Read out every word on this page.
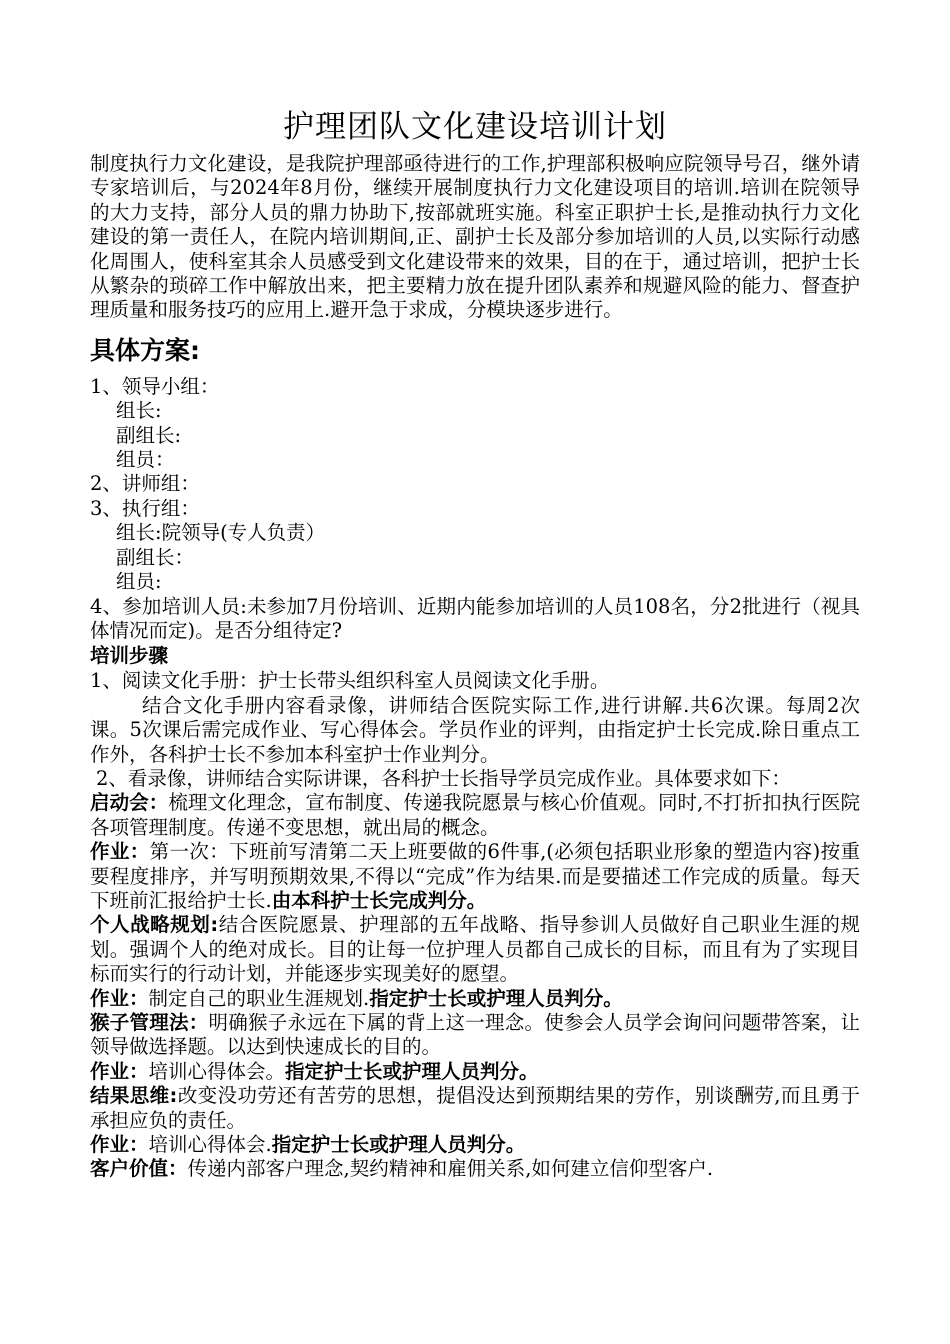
护理团队文化建设培训计划

制度执行力文化建设，是我院护理部亟待进行的工作,护理部积极响应院领导号召，继外请专家培训后，与2024年8月份，继续开展制度执行力文化建设项目的培训.培训在院领导的大力支持，部分人员的鼎力协助下,按部就班实施。科室正职护士长,是推动执行力文化建设的第一责任人，在院内培训期间,正、副护士长及部分参加培训的人员,以实际行动感化周围人，使科室其余人员感受到文化建设带来的效果，目的在于，通过培训，把护士长从繁杂的琐碎工作中解放出来，把主要精力放在提升团队素养和规避风险的能力、督查护理质量和服务技巧的应用上.避开急于求成，分模块逐步进行。

具体方案:

1、领导小组：

组长:

副组长:

组员：

2、讲师组：

3、执行组：

组长:院领导(专人负责）

副组长：

组员:

4、参加培训人员:未参加7月份培训、近期内能参加培训的人员108名，分2批进行（视具体情况而定)。是否分组待定?

培训步骤

1、阅读文化手册：护士长带头组织科室人员阅读文化手册。

结合文化手册内容看录像，讲师结合医院实际工作,进行讲解.共6次课。每周2次课。5次课后需完成作业、写心得体会。学员作业的评判，由指定护士长完成.除日重点工作外，各科护士长不参加本科室护士作业判分。

2、看录像，讲师结合实际讲课，各科护士长指导学员完成作业。具体要求如下：

启动会：梳理文化理念，宣布制度、传递我院愿景与核心价值观。同时,不打折扣执行医院各项管理制度。传递不变思想，就出局的概念。

作业：第一次：下班前写清第二天上班要做的6件事,(必须包括职业形象的塑造内容)按重要程度排序，并写明预期效果,不得以“完成”作为结果.而是要描述工作完成的质量。每天下班前汇报给护士长.由本科护士长完成判分。

个人战略规划:结合医院愿景、护理部的五年战略、指导参训人员做好自己职业生涯的规划。强调个人的绝对成长。目的让每一位护理人员都自己成长的目标，而且有为了实现目标而实行的行动计划，并能逐步实现美好的愿望。

作业：制定自己的职业生涯规划.指定护士长或护理人员判分。

猴子管理法：明确猴子永远在下属的背上这一理念。使参会人员学会询问问题带答案，让领导做选择题。以达到快速成长的目的。

作业：培训心得体会。指定护士长或护理人员判分。

结果思维:改变没功劳还有苦劳的思想，提倡没达到预期结果的劳作，别谈酬劳,而且勇于承担应负的责任。

作业：培训心得体会.指定护士长或护理人员判分。

客户价值：传递内部客户理念,契约精神和雇佣关系,如何建立信仰型客户.
